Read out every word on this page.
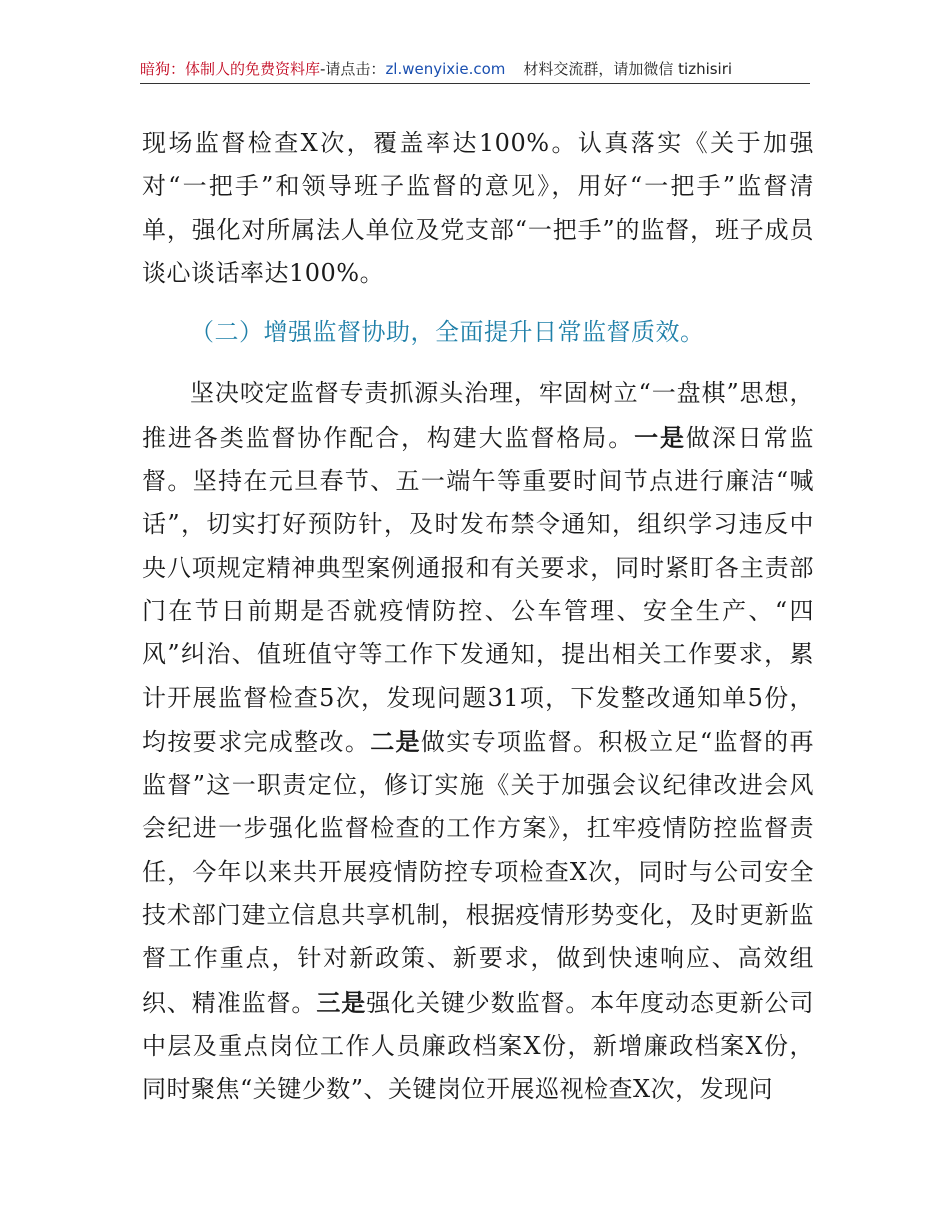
暗狗：体制人的免费资料库-请点击：zl.wenyixie.com 材料交流群，请加微信 tizhisiri

现场监督检查X次，覆盖率达100%。认真落实《关于加强对“一把手”和领导班子监督的意见》，用好“一把手”监督清单，强化对所属法人单位及党支部“一把手”的监督，班子成员谈心谈话率达100%。

（二）增强监督协助，全面提升日常监督质效。

坚决咬定监督专责抓源头治理，牢固树立“一盘棋”思想，推进各类监督协作配合，构建大监督格局。一是做深日常监督。坚持在元旦春节、五一端午等重要时间节点进行廉洁“喊话”，切实打好预防针，及时发布禁令通知，组织学习违反中央八项规定精神典型案例通报和有关要求，同时紧盯各主责部门在节日前期是否就疫情防控、公车管理、安全生产、“四风”纠治、值班值守等工作下发通知，提出相关工作要求，累计开展监督检查5次，发现问题31项，下发整改通知单5份，均按要求完成整改。二是做实专项监督。积极立足“监督的再监督”这一职责定位，修订实施《关于加强会议纪律改进会风会纪进一步强化监督检查的工作方案》，扛牢疫情防控监督责任，今年以来共开展疫情防控专项检查X次，同时与公司安全技术部门建立信息共享机制，根据疫情形势变化，及时更新监督工作重点，针对新政策、新要求，做到快速响应、高效组织、精准监督。三是强化关键少数监督。本年度动态更新公司中层及重点岗位工作人员廉政档案X份，新增廉政档案X份，同时聚焦“关键少数”、关键岗位开展巡视检查X次，发现问
